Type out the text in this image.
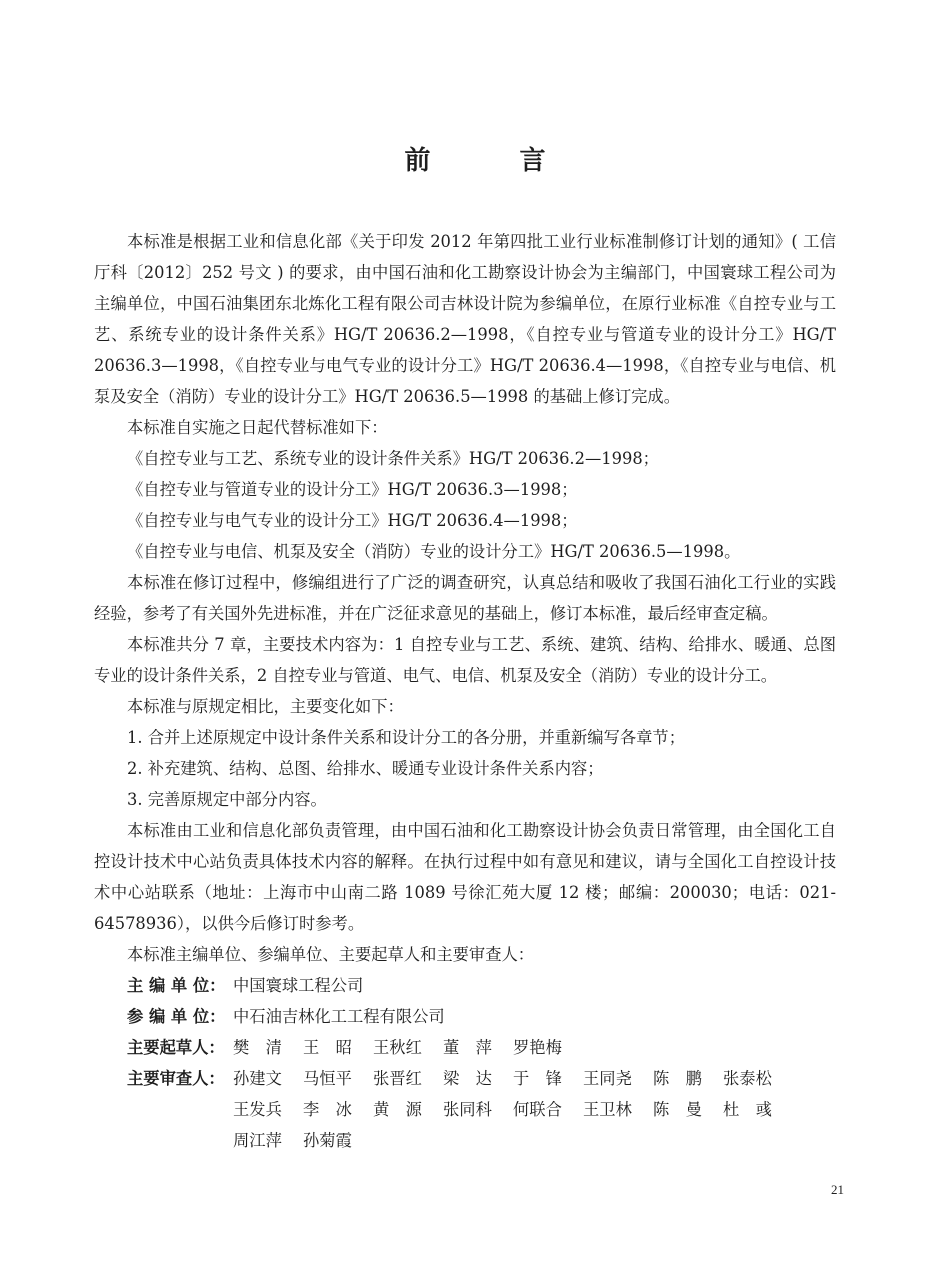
前 言

本标准是根据工业和信息化部《关于印发 2012 年第四批工业行业标准制修订计划的通知》( 工信厅科〔2012〕252 号文 ) 的要求，由中国石油和化工勘察设计协会为主编部门，中国寰球工程公司为主编单位，中国石油集团东北炼化工程有限公司吉林设计院为参编单位，在原行业标准《自控专业与工艺、系统专业的设计条件关系》HG/T 20636.2—1998，《自控专业与管道专业的设计分工》HG/T 20636.3—1998，《自控专业与电气专业的设计分工》HG/T 20636.4—1998，《自控专业与电信、机泵及安全（消防）专业的设计分工》HG/T 20636.5—1998 的基础上修订完成。

本标准自实施之日起代替标准如下：

《自控专业与工艺、系统专业的设计条件关系》HG/T 20636.2—1998；

《自控专业与管道专业的设计分工》HG/T 20636.3—1998；

《自控专业与电气专业的设计分工》HG/T 20636.4—1998；

《自控专业与电信、机泵及安全（消防）专业的设计分工》HG/T 20636.5—1998。

本标准在修订过程中，修编组进行了广泛的调查研究，认真总结和吸收了我国石油化工行业的实践经验，参考了有关国外先进标准，并在广泛征求意见的基础上，修订本标准，最后经审查定稿。

本标准共分 7 章，主要技术内容为：1 自控专业与工艺、系统、建筑、结构、给排水、暖通、总图专业的设计条件关系，2 自控专业与管道、电气、电信、机泵及安全（消防）专业的设计分工。

本标准与原规定相比，主要变化如下：

1. 合并上述原规定中设计条件关系和设计分工的各分册，并重新编写各章节；

2. 补充建筑、结构、总图、给排水、暖通专业设计条件关系内容；

3. 完善原规定中部分内容。

本标准由工业和信息化部负责管理，由中国石油和化工勘察设计协会负责日常管理，由全国化工自控设计技术中心站负责具体技术内容的解释。在执行过程中如有意见和建议，请与全国化工自控设计技术中心站联系（地址：上海市中山南二路 1089 号徐汇苑大厦 12 楼；邮编：200030；电话：021-64578936），以供今后修订时参考。

本标准主编单位、参编单位、主要起草人和主要审查人：

主 编 单 位： 中国寰球工程公司
参 编 单 位： 中石油吉林化工工程有限公司
主要起草人： 樊　清	王　昭	王秋红	董　萍	罗艳梅
主要审查人： 孙建文	马恒平	张晋红	梁　达	于　锋	王同尧	陈　鹏	张泰松
王发兵	李　冰	黄　源	张同科	何联合	王卫林	陈　曼	杜　彧
周江萍	孙菊霞
21
